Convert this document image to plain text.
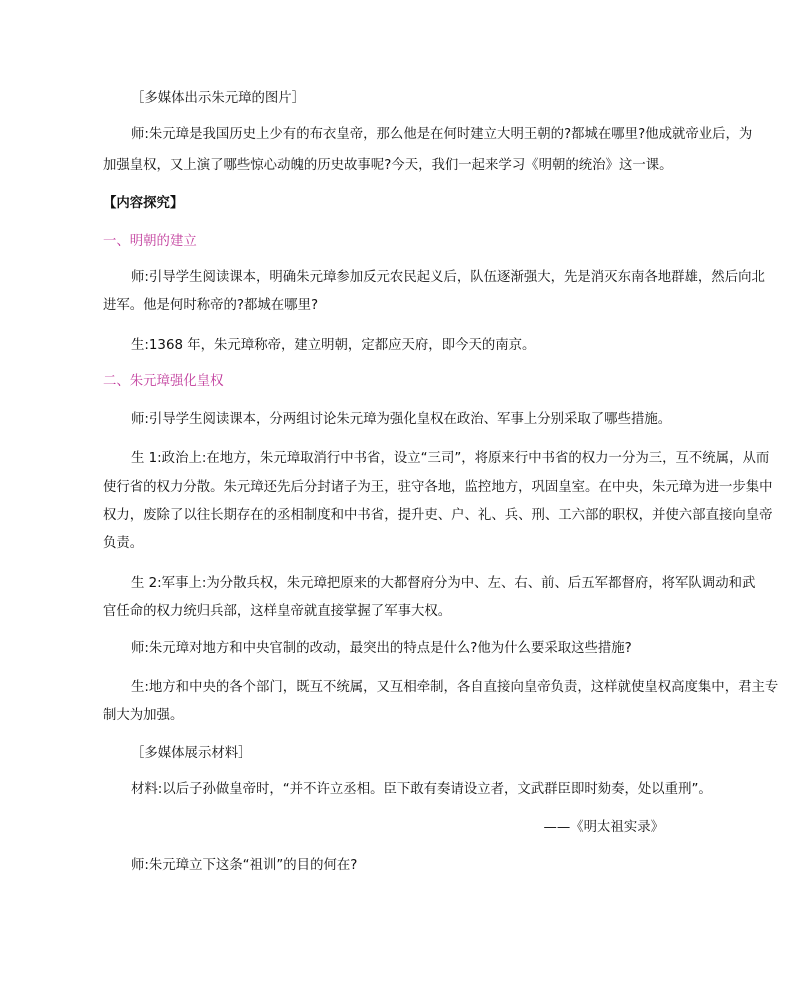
［多媒体出示朱元璋的图片］
师:朱元璋是我国历史上少有的布衣皇帝，那么他是在何时建立大明王朝的?都城在哪里?他成就帝业后，为
加强皇权，又上演了哪些惊心动魄的历史故事呢?今天，我们一起来学习《明朝的统治》这一课。
【内容探究】
一、明朝的建立
师:引导学生阅读课本，明确朱元璋参加反元农民起义后，队伍逐渐强大，先是消灭东南各地群雄，然后向北
进军。他是何时称帝的?都城在哪里?
生:1368 年，朱元璋称帝，建立明朝，定都应天府，即今天的南京。
二、朱元璋强化皇权
师:引导学生阅读课本，分两组讨论朱元璋为强化皇权在政治、军事上分别采取了哪些措施。
生 1:政治上:在地方，朱元璋取消行中书省，设立“三司”，将原来行中书省的权力一分为三，互不统属，从而
使行省的权力分散。朱元璋还先后分封诸子为王，驻守各地，监控地方，巩固皇室。在中央，朱元璋为进一步集中
权力，废除了以往长期存在的丞相制度和中书省，提升吏、户、礼、兵、刑、工六部的职权，并使六部直接向皇帝
负责。
生 2:军事上:为分散兵权，朱元璋把原来的大都督府分为中、左、右、前、后五军都督府，将军队调动和武
官任命的权力统归兵部，这样皇帝就直接掌握了军事大权。
师:朱元璋对地方和中央官制的改动，最突出的特点是什么?他为什么要采取这些措施?
生:地方和中央的各个部门，既互不统属，又互相牵制，各自直接向皇帝负责，这样就使皇权高度集中，君主专
制大为加强。
［多媒体展示材料］
材料:以后子孙做皇帝时，“并不许立丞相。臣下敢有奏请设立者，文武群臣即时劾奏，处以重刑”。
——《明太祖实录》
师:朱元璋立下这条“祖训”的目的何在?
